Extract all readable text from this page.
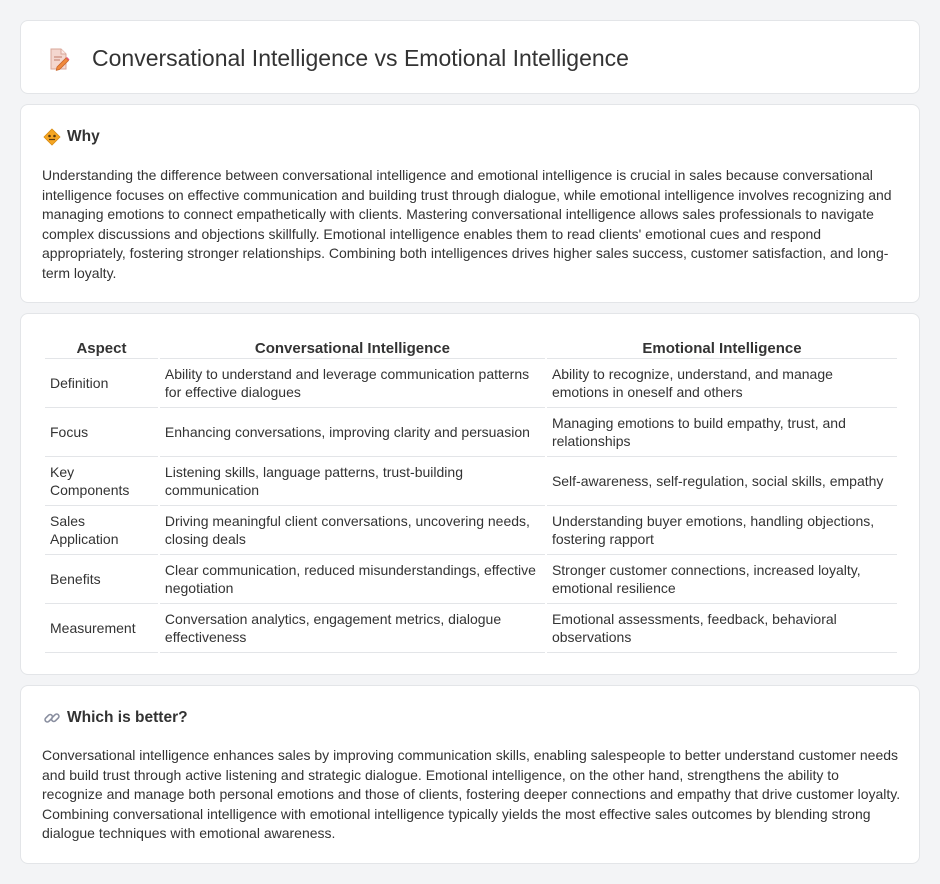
Conversational Intelligence vs Emotional Intelligence
Why

Understanding the difference between conversational intelligence and emotional intelligence is crucial in sales because conversational intelligence focuses on effective communication and building trust through dialogue, while emotional intelligence involves recognizing and managing emotions to connect empathetically with clients. Mastering conversational intelligence allows sales professionals to navigate complex discussions and objections skillfully. Emotional intelligence enables them to read clients' emotional cues and respond appropriately, fostering stronger relationships. Combining both intelligences drives higher sales success, customer satisfaction, and long-term loyalty.

Aspect	Conversational Intelligence	Emotional Intelligence
Definition	Ability to understand and leverage communication patterns for effective dialogues	Ability to recognize, understand, and manage emotions in oneself and others
Focus	Enhancing conversations, improving clarity and persuasion	Managing emotions to build empathy, trust, and relationships
Key Components	Listening skills, language patterns, trust-building communication	Self-awareness, self-regulation, social skills, empathy
Sales Application	Driving meaningful client conversations, uncovering needs, closing deals	Understanding buyer emotions, handling objections, fostering rapport
Benefits	Clear communication, reduced misunderstandings, effective negotiation	Stronger customer connections, increased loyalty, emotional resilience
Measurement	Conversation analytics, engagement metrics, dialogue effectiveness	Emotional assessments, feedback, behavioral observations
Which is better?

Conversational intelligence enhances sales by improving communication skills, enabling salespeople to better understand customer needs and build trust through active listening and strategic dialogue. Emotional intelligence, on the other hand, strengthens the ability to recognize and manage both personal emotions and those of clients, fostering deeper connections and empathy that drive customer loyalty. Combining conversational intelligence with emotional intelligence typically yields the most effective sales outcomes by blending strong dialogue techniques with emotional awareness.
